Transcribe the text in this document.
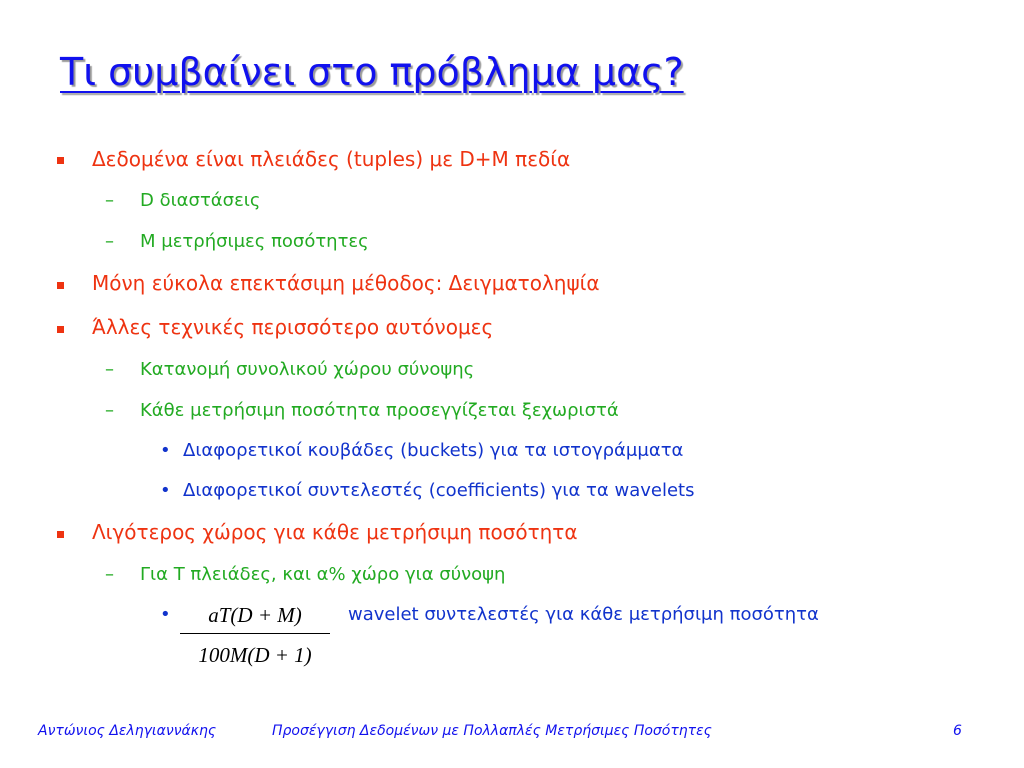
Τι συμβαίνει στο πρόβλημα μας?
Δεδομένα είναι πλειάδες (tuples) με D+M πεδία
– D διαστάσεις
– M μετρήσιμες ποσότητες
Μόνη εύκολα επεκτάσιμη μέθοδος: Δειγματοληψία
Άλλες τεχνικές περισσότερο αυτόνομες
– Κατανομή συνολικού χώρου σύνοψης
– Κάθε μετρήσιμη ποσότητα προσεγγίζεται ξεχωριστά
• Διαφορετικοί κουβάδες (buckets) για τα ιστογράμματα
• Διαφορετικοί συντελεστές (coefficients) για τα wavelets
Λιγότερος χώρος για κάθε μετρήσιμη ποσότητα
– Για T πλειάδες, και α% χώρο για σύνοψη
•	aT(D + M)
100M(D + 1)
wavelet συντελεστές για κάθε μετρήσιμη ποσότητα
Αντώνιος Δεληγιαννάκης	Προσέγγιση Δεδομένων με Πολλαπλές Μετρήσιμες Ποσότητες	6
